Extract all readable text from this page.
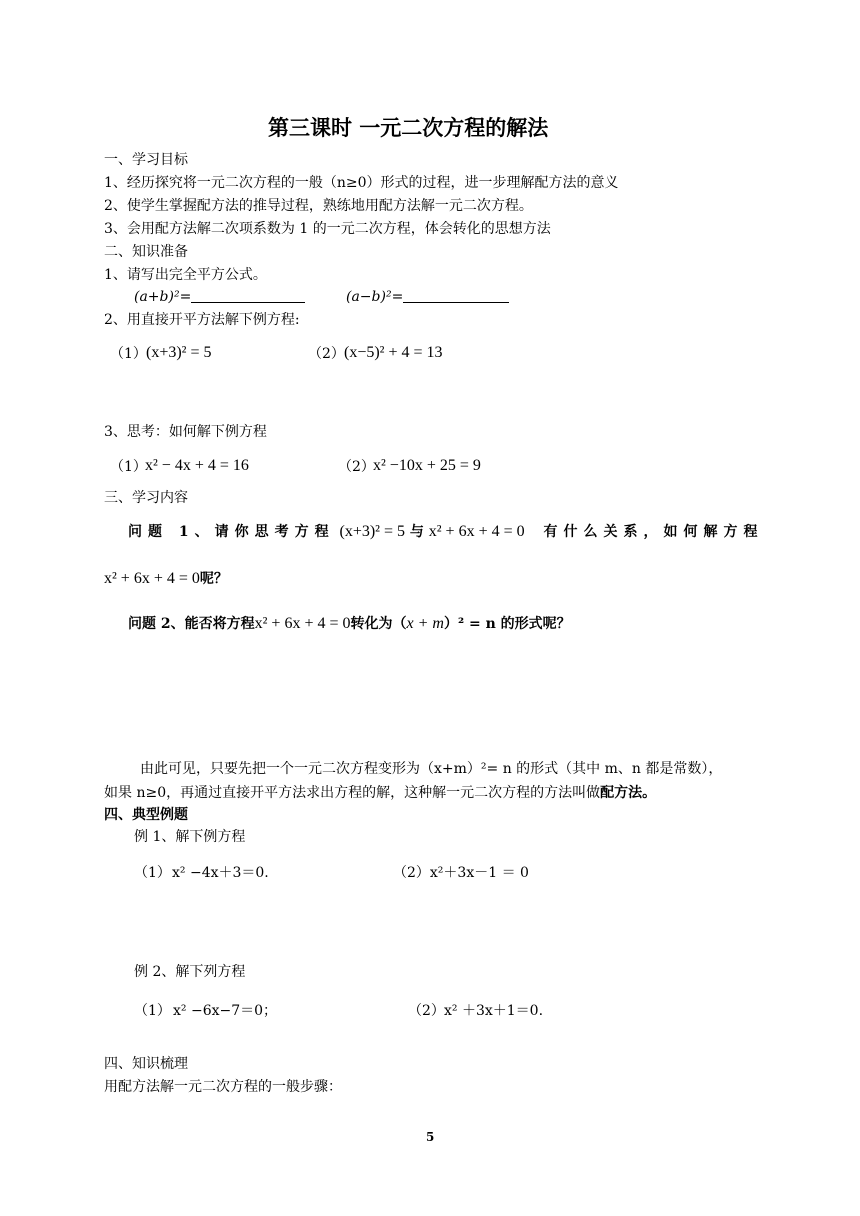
第三课时 一元二次方程的解法
一、学习目标
1、经历探究将一元二次方程的一般（n≥0）形式的过程，进一步理解配方法的意义
2、使学生掌握配方法的推导过程，熟练地用配方法解一元二次方程。
3、会用配方法解二次项系数为 1 的一元二次方程，体会转化的思想方法
二、知识准备
1、请写出完全平方公式。
(a+b)²=	(a−b)²=
2、用直接开平方法解下例方程:
（1） (x+3)² = 5	（2） (x−5)² + 4 = 13
3、思考：如何解下例方程
（1）
x² − 4x + 4 = 16	（2）
x² −10x + 25 = 9
三、学习内容
问题 1、请你思考方程 (x+3)² = 5 与 x² + 6x + 4 = 0 有什么关系，如何解方程
x² + 6x + 4 = 0呢？
问题 2、能否将方程x² + 6x + 4 = 0转化为（x + m）² = n 的形式呢？
由此可见，只要先把一个一元二次方程变形为（x+m）²= n 的形式（其中 m、n 都是常数），
如果 n≥0，再通过直接开平方法求出方程的解，这种解一元二次方程的方法叫做配方法。
四、典型例题
例 1、解下例方程
（1） x² −4x＋3＝0.	（2）x²＋3x－1 ＝ 0
例 2、解下列方程
（1） x² −6x−7＝0；	（2） x² ＋3x＋1＝0.
四、知识梳理
用配方法解一元二次方程的一般步骤：
5
